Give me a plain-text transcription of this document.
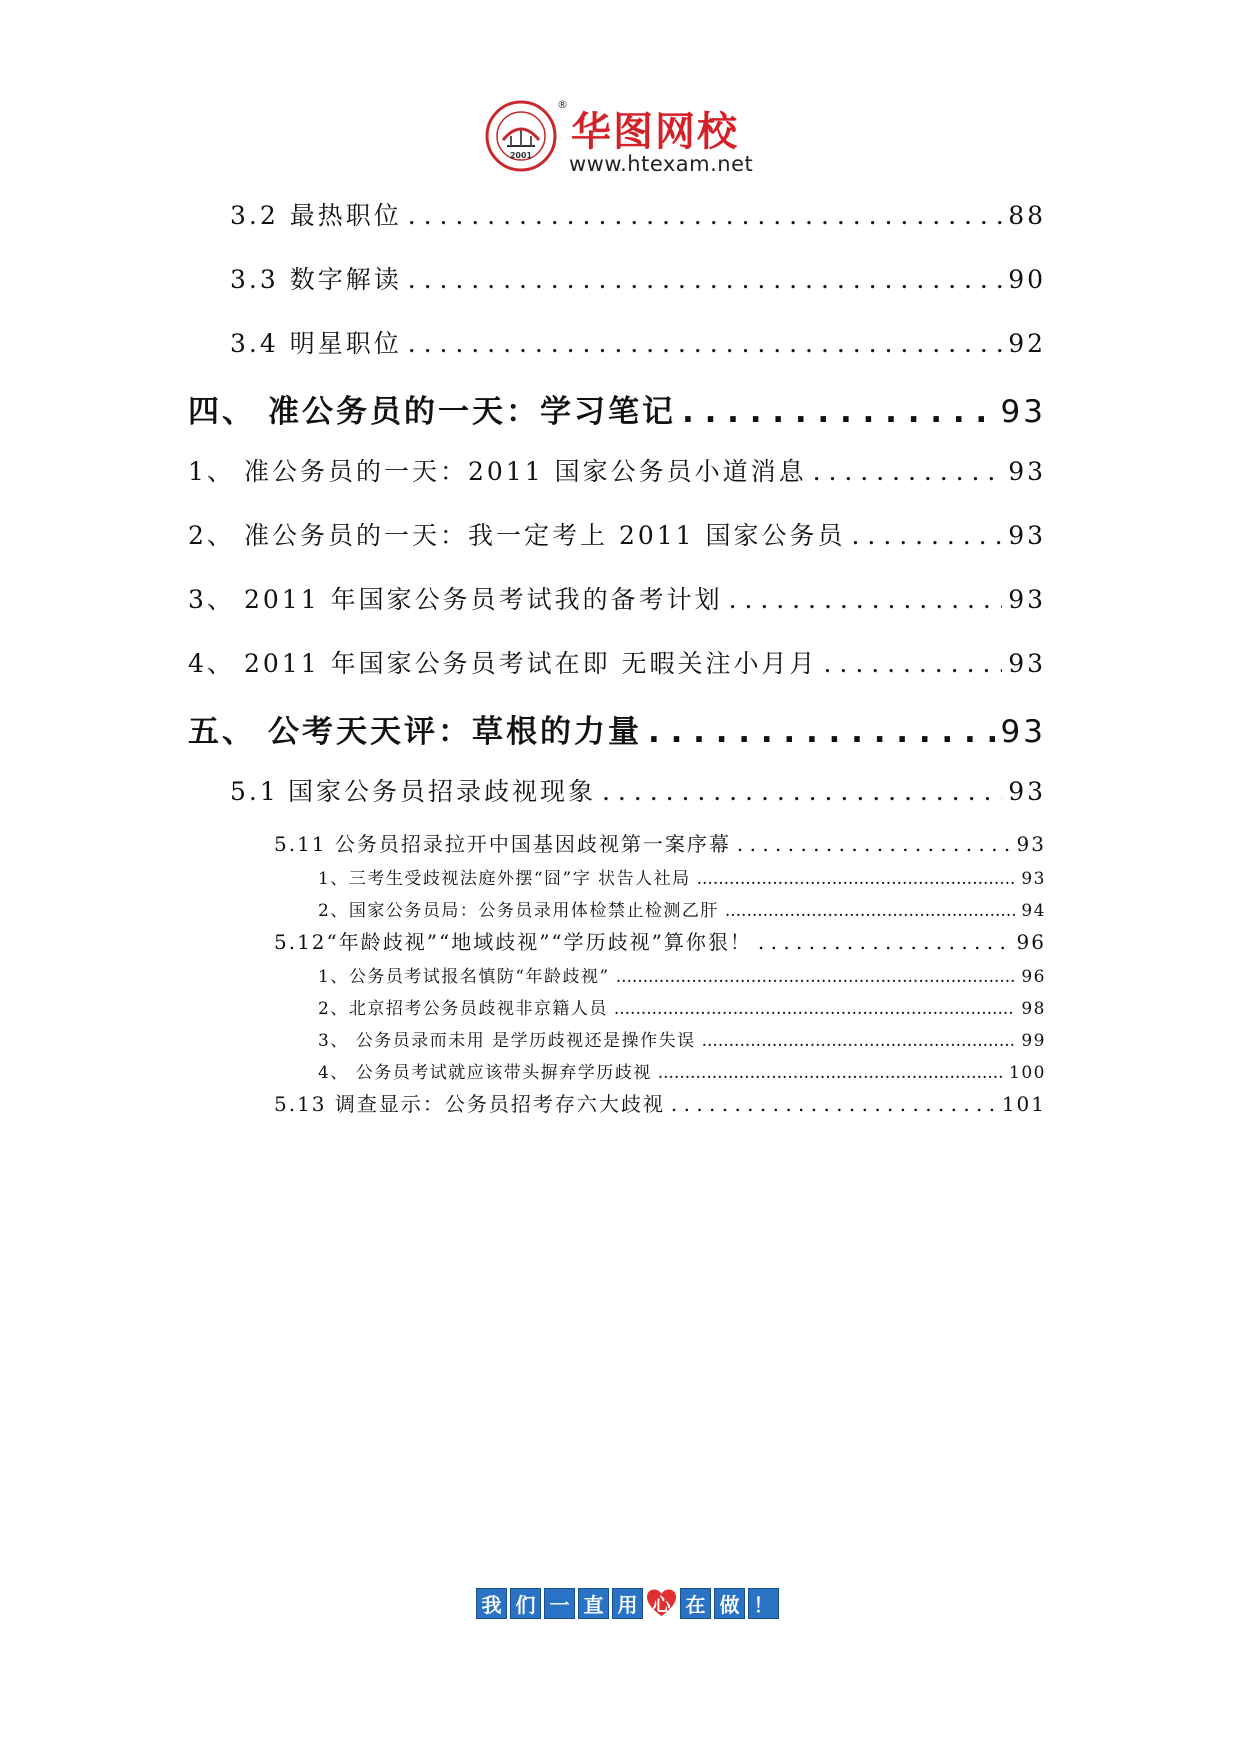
2001
®
华图网校
www.htexam.net
3.2 最热职位 . . .	88
3.3 数字解读 . . .	90
3.4 明星职位 . . .	92
四、 准公务员的一天：学习笔记 . . .	93
1、 准公务员的一天：2011 国家公务员小道消息 . . .	93
2、 准公务员的一天：我一定考上 2011 国家公务员 . . .	93
3、 2011 年国家公务员考试我的备考计划 . . .	93
4、 2011 年国家公务员考试在即 无暇关注小月月 . . .	93
五、 公考天天评：草根的力量 . . .	93
5.1 国家公务员招录歧视现象 . . .	93
5.11 公务员招录拉开中国基因歧视第一案序幕 . . .	93
1、三考生受歧视法庭外摆“囧”字 状告人社局 .....	93
2、国家公务员局：公务员录用体检禁止检测乙肝 .....	94
5.12“年龄歧视”“地域歧视”“学历歧视”算你狠！ . . .	96
1、公务员考试报名慎防“年龄歧视” .....	96
2、北京招考公务员歧视非京籍人员 .....	98
3、 公务员录而未用 是学历歧视还是操作失误 .....	99
4、 公务员考试就应该带头摒弃学历歧视 .....	100
5.13 调查显示：公务员招考存六大歧视 . . .	101
我 们 一 直 用 心 在 做 ！
